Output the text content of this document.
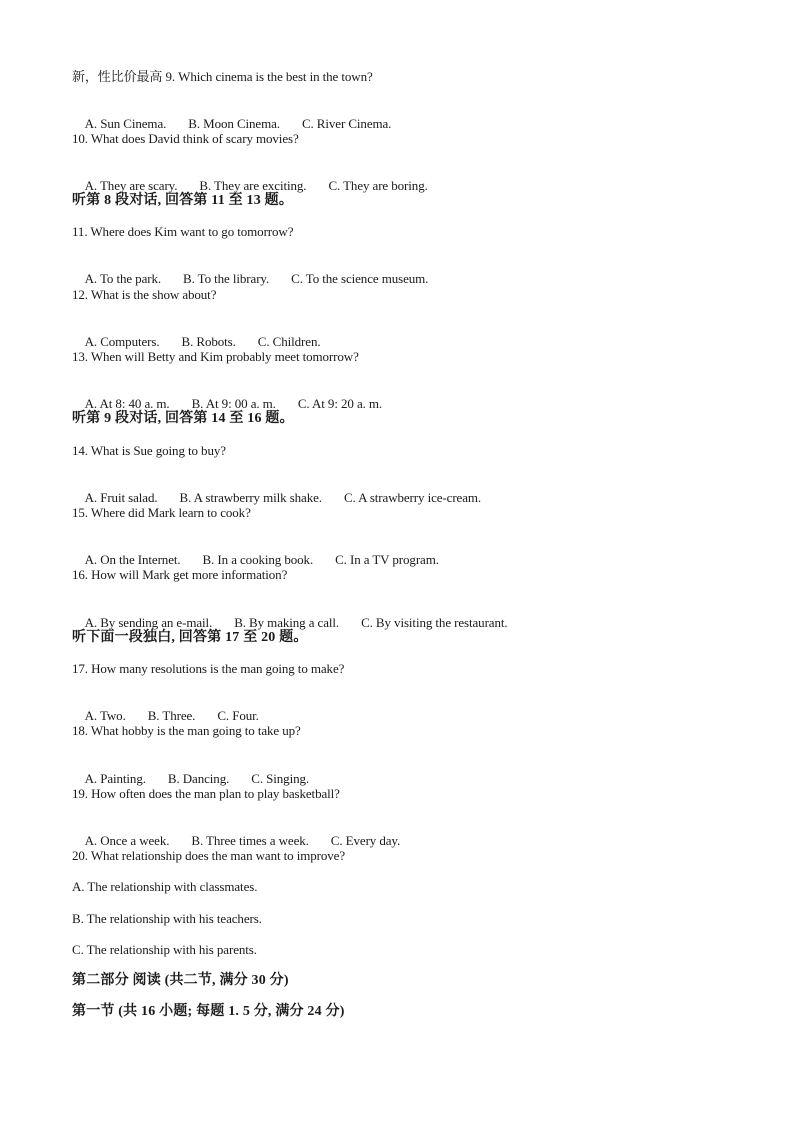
新，性比价最高 9. Which cinema is the best in the town?

A. Sun Cinema. B. Moon Cinema. C. River Cinema.

10. What does David think of scary movies?

A. They are scary. B. They are exciting. C. They are boring.

听第 8 段对话, 回答第 11 至 13 题。
11. Where does Kim want to go tomorrow?

A. To the park. B. To the library. C. To the science museum.

12. What is the show about?

A. Computers. B. Robots. C. Children.

13. When will Betty and Kim probably meet tomorrow?

A. At 8: 40 a. m. B. At 9: 00 a. m. C. At 9: 20 a. m.

听第 9 段对话, 回答第 14 至 16 题。
14. What is Sue going to buy?

A. Fruit salad. B. A strawberry milk shake. C. A strawberry ice-cream.

15. Where did Mark learn to cook?

A. On the Internet. B. In a cooking book. C. In a TV program.

16. How will Mark get more information?

A. By sending an e-mail. B. By making a call. C. By visiting the restaurant.

听下面一段独白, 回答第 17 至 20 题。
17. How many resolutions is the man going to make?

A. Two. B. Three. C. Four.

18. What hobby is the man going to take up?

A. Painting. B. Dancing. C. Singing.

19. How often does the man plan to play basketball?

A. Once a week. B. Three times a week. C. Every day.

20. What relationship does the man want to improve?
A. The relationship with classmates.
B. The relationship with his teachers.
C. The relationship with his parents.
第二部分 阅读 (共二节, 满分 30 分)
第一节 (共 16 小题; 每题 1. 5 分, 满分 24 分)
